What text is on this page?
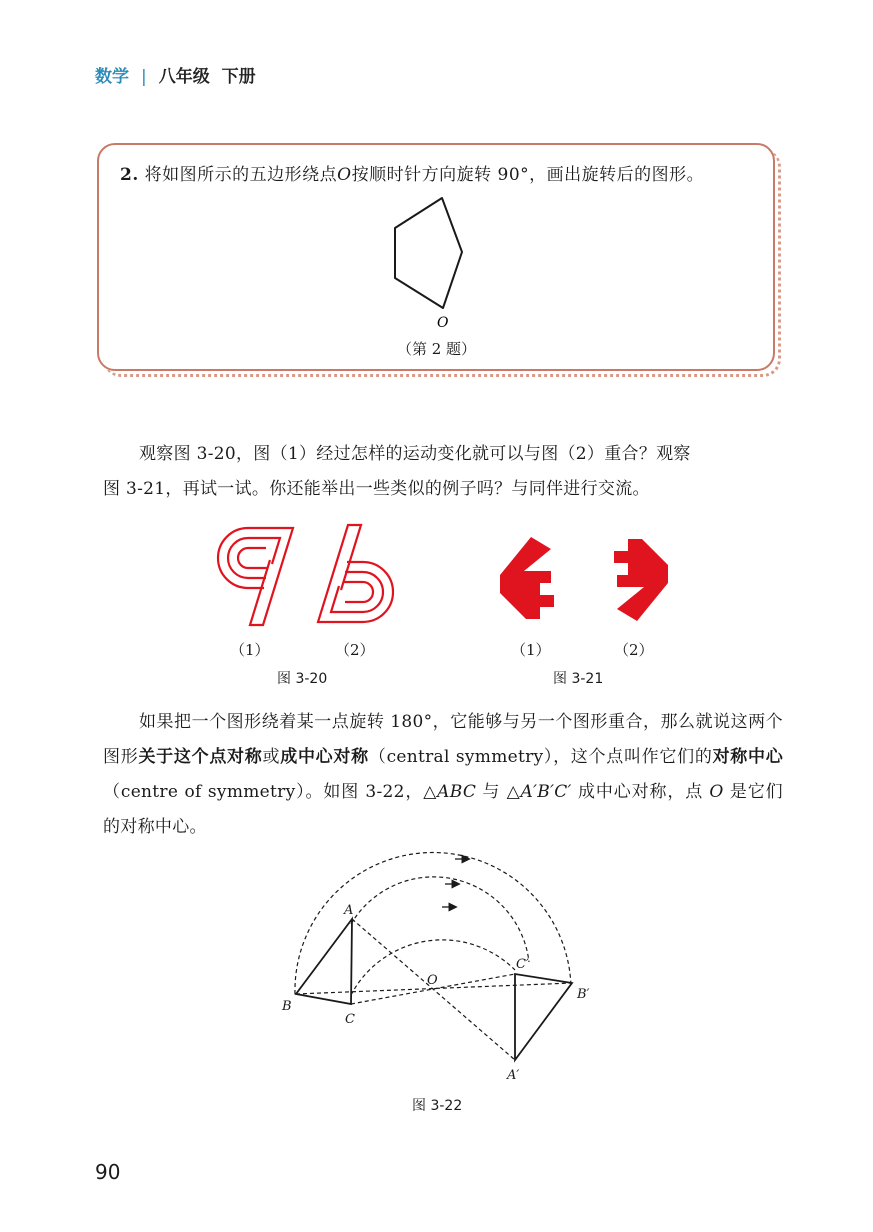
数学 | 八年级 下册
2. 将如图所示的五边形绕点O按顺时针方向旋转 90°，画出旋转后的图形。
O
（第 2 题）

观察图 3-20，图（1）经过怎样的运动变化就可以与图（2）重合？观察

图 3-21，再试一试。你还能举出一些类似的例子吗？与同伴进行交流。

（1）	（2）
图 3-20
（1）	（2）
图 3-21

如果把一个图形绕着某一点旋转 180°，它能够与另一个图形重合，那么就说这两个图形关于这个点对称或成中心对称（central symmetry），这个点叫作它们的对称中心（centre of symmetry）。如图 3-22，△ABC 与 △A′B′C′ 成中心对称，点 O 是它们的对称中心。

A
B
C
O
A′
B′
C′
图 3-22
90
